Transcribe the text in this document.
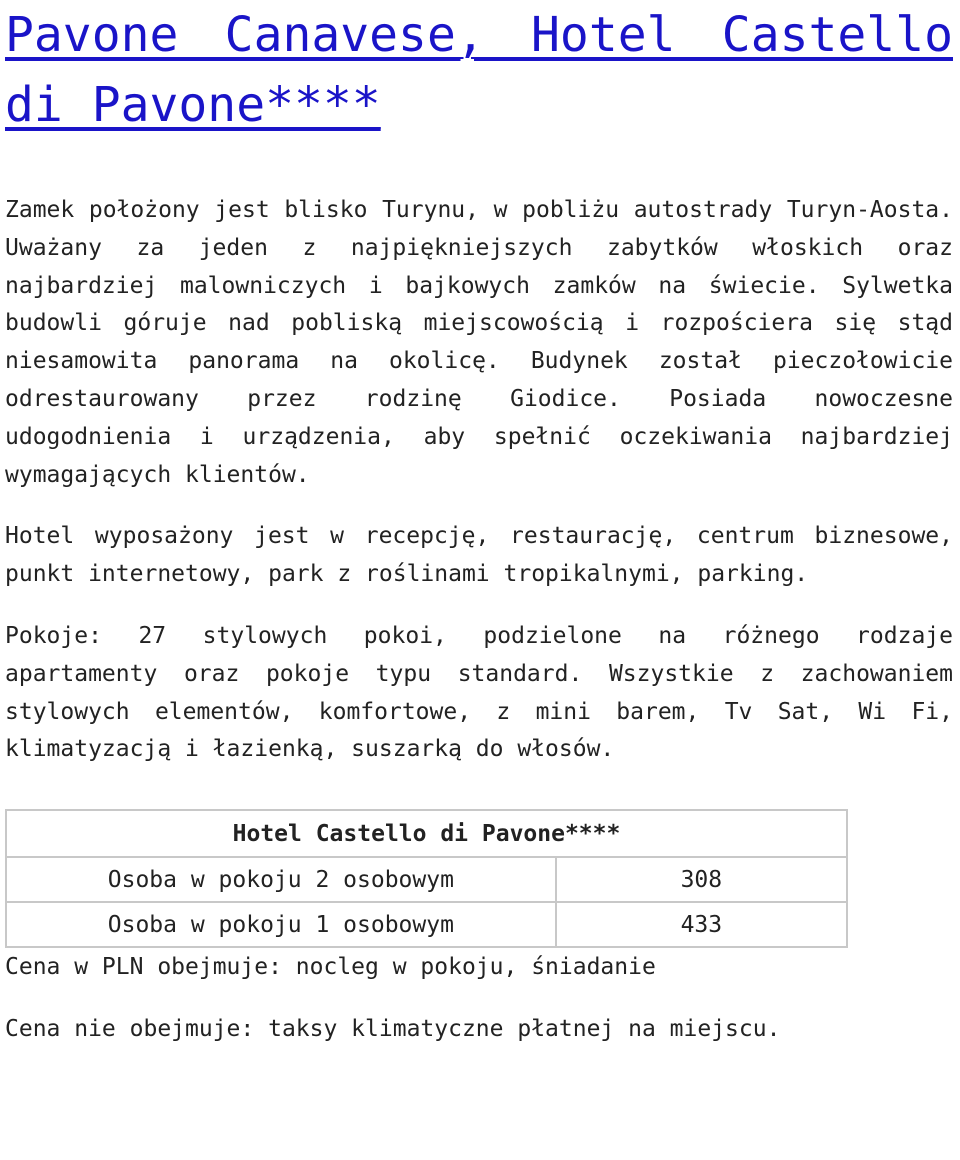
Pavone Canavese, Hotel Castello di Pavone****

Zamek położony jest blisko Turynu, w pobliżu autostrady Turyn-Aosta. Uważany za jeden z najpiękniejszych zabytków włoskich oraz najbardziej malowniczych i bajkowych zamków na świecie. Sylwetka budowli góruje nad pobliską miejscowością i rozpościera się stąd niesamowita panorama na okolicę. Budynek został pieczołowicie odrestaurowany przez rodzinę Giodice. Posiada nowoczesne udogodnienia i urządzenia, aby spełnić oczekiwania najbardziej wymagających klientów.

Hotel wyposażony jest w recepcję, restaurację, centrum biznesowe, punkt internetowy, park z roślinami tropikalnymi, parking.

Pokoje: 27 stylowych pokoi, podzielone na różnego rodzaje apartamenty oraz pokoje typu standard. Wszystkie z zachowaniem stylowych elementów, komfortowe, z mini barem, Tv Sat, Wi Fi, klimatyzacją i łazienką, suszarką do włosów.

Hotel Castello di Pavone****	
Osoba w pokoju 2 osobowym	308
Osoba w pokoju 1 osobowym	433

Cena w PLN obejmuje: nocleg w pokoju, śniadanie

Cena nie obejmuje: taksy klimatyczne płatnej na miejscu.
